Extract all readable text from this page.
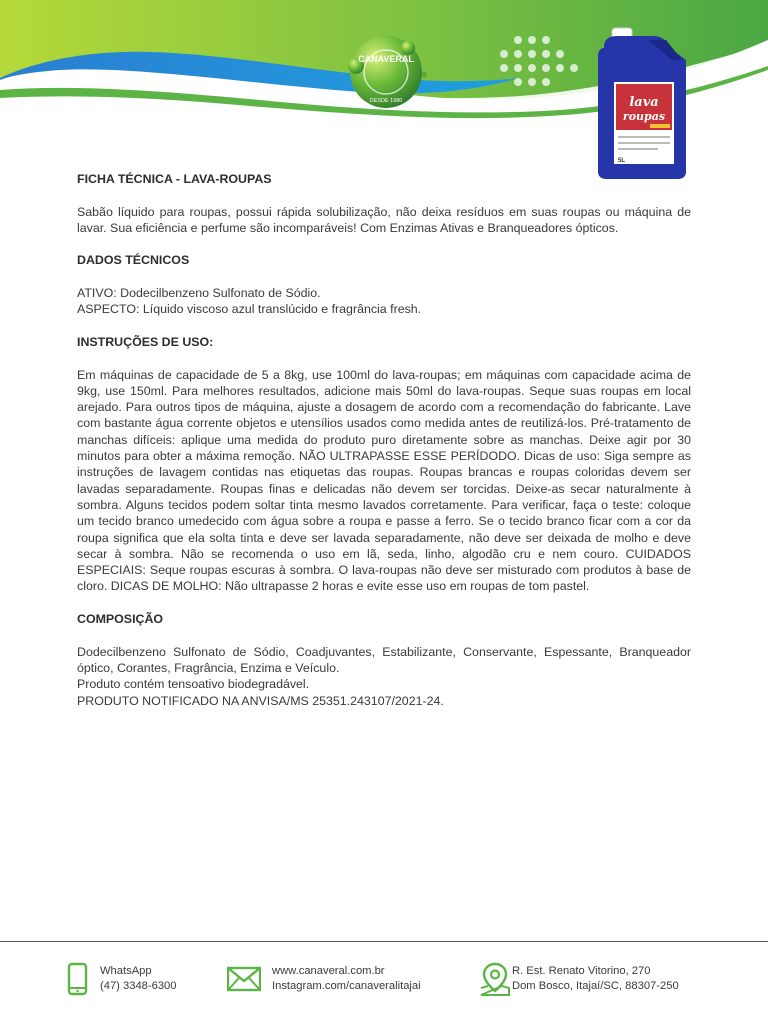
CANAVERAL
DESDE 1980
®
lava
roupas
5L
FICHA TÉCNICA - LAVA-ROUPAS

Sabão líquido para roupas, possui rápida solubilização, não deixa resíduos em suas roupas ou máquina de lavar. Sua eficiência e perfume são incomparáveis! Com Enzimas Ativas e Branqueadores ópticos.

DADOS TÉCNICOS

ATIVO: Dodecilbenzeno Sulfonato de Sódio.

ASPECTO: Líquido viscoso azul translúcido e fragrância fresh.

INSTRUÇÕES DE USO:

Em máquinas de capacidade de 5 a 8kg, use 100ml do lava-roupas; em máquinas com capacidade acima de 9kg, use 150ml. Para melhores resultados, adicione mais 50ml do lava-roupas. Seque suas roupas em local arejado. Para outros tipos de máquina, ajuste a dosagem de acordo com a recomendação do fabricante. Lave com bastante água corrente objetos e utensílios usados como medida antes de reutilizá-los. Pré-tratamento de manchas difíceis: aplique uma medida do produto puro diretamente sobre as manchas. Deixe agir por 30 minutos para obter a máxima remoção. NÃO ULTRAPASSE ESSE PERÍDODO. Dicas de uso: Siga sempre as instruções de lavagem contidas nas etiquetas das roupas. Roupas brancas e roupas coloridas devem ser lavadas separadamente. Roupas finas e delicadas não devem ser torcidas. Deixe-as secar naturalmente à sombra. Alguns tecidos podem soltar tinta mesmo lavados corretamente. Para verificar, faça o teste: coloque um tecido branco umedecido com água sobre a roupa e passe a ferro. Se o tecido branco ficar com a cor da roupa significa que ela solta tinta e deve ser lavada separadamente, não deve ser deixada de molho e deve secar à sombra. Não se recomenda o uso em lã, seda, linho, algodão cru e nem couro. CUIDADOS ESPECIAIS: Seque roupas escuras à sombra. O lava-roupas não deve ser misturado com produtos à base de cloro. DICAS DE MOLHO: Não ultrapasse 2 horas e evite esse uso em roupas de tom pastel.

COMPOSIÇÃO

Dodecilbenzeno Sulfonato de Sódio, Coadjuvantes, Estabilizante, Conservante, Espessante, Branqueador óptico, Corantes, Fragrância, Enzima e Veículo.

Produto contém tensoativo biodegradável.

PRODUTO NOTIFICADO NA ANVISA/MS 25351.243107/2021-24.

WhatsApp
(47) 3348-6300
www.canaveral.com.br
Instagram.com/canaveralitajai
R. Est. Renato Vitorino, 270
Dom Bosco, Itajaí/SC, 88307-250
